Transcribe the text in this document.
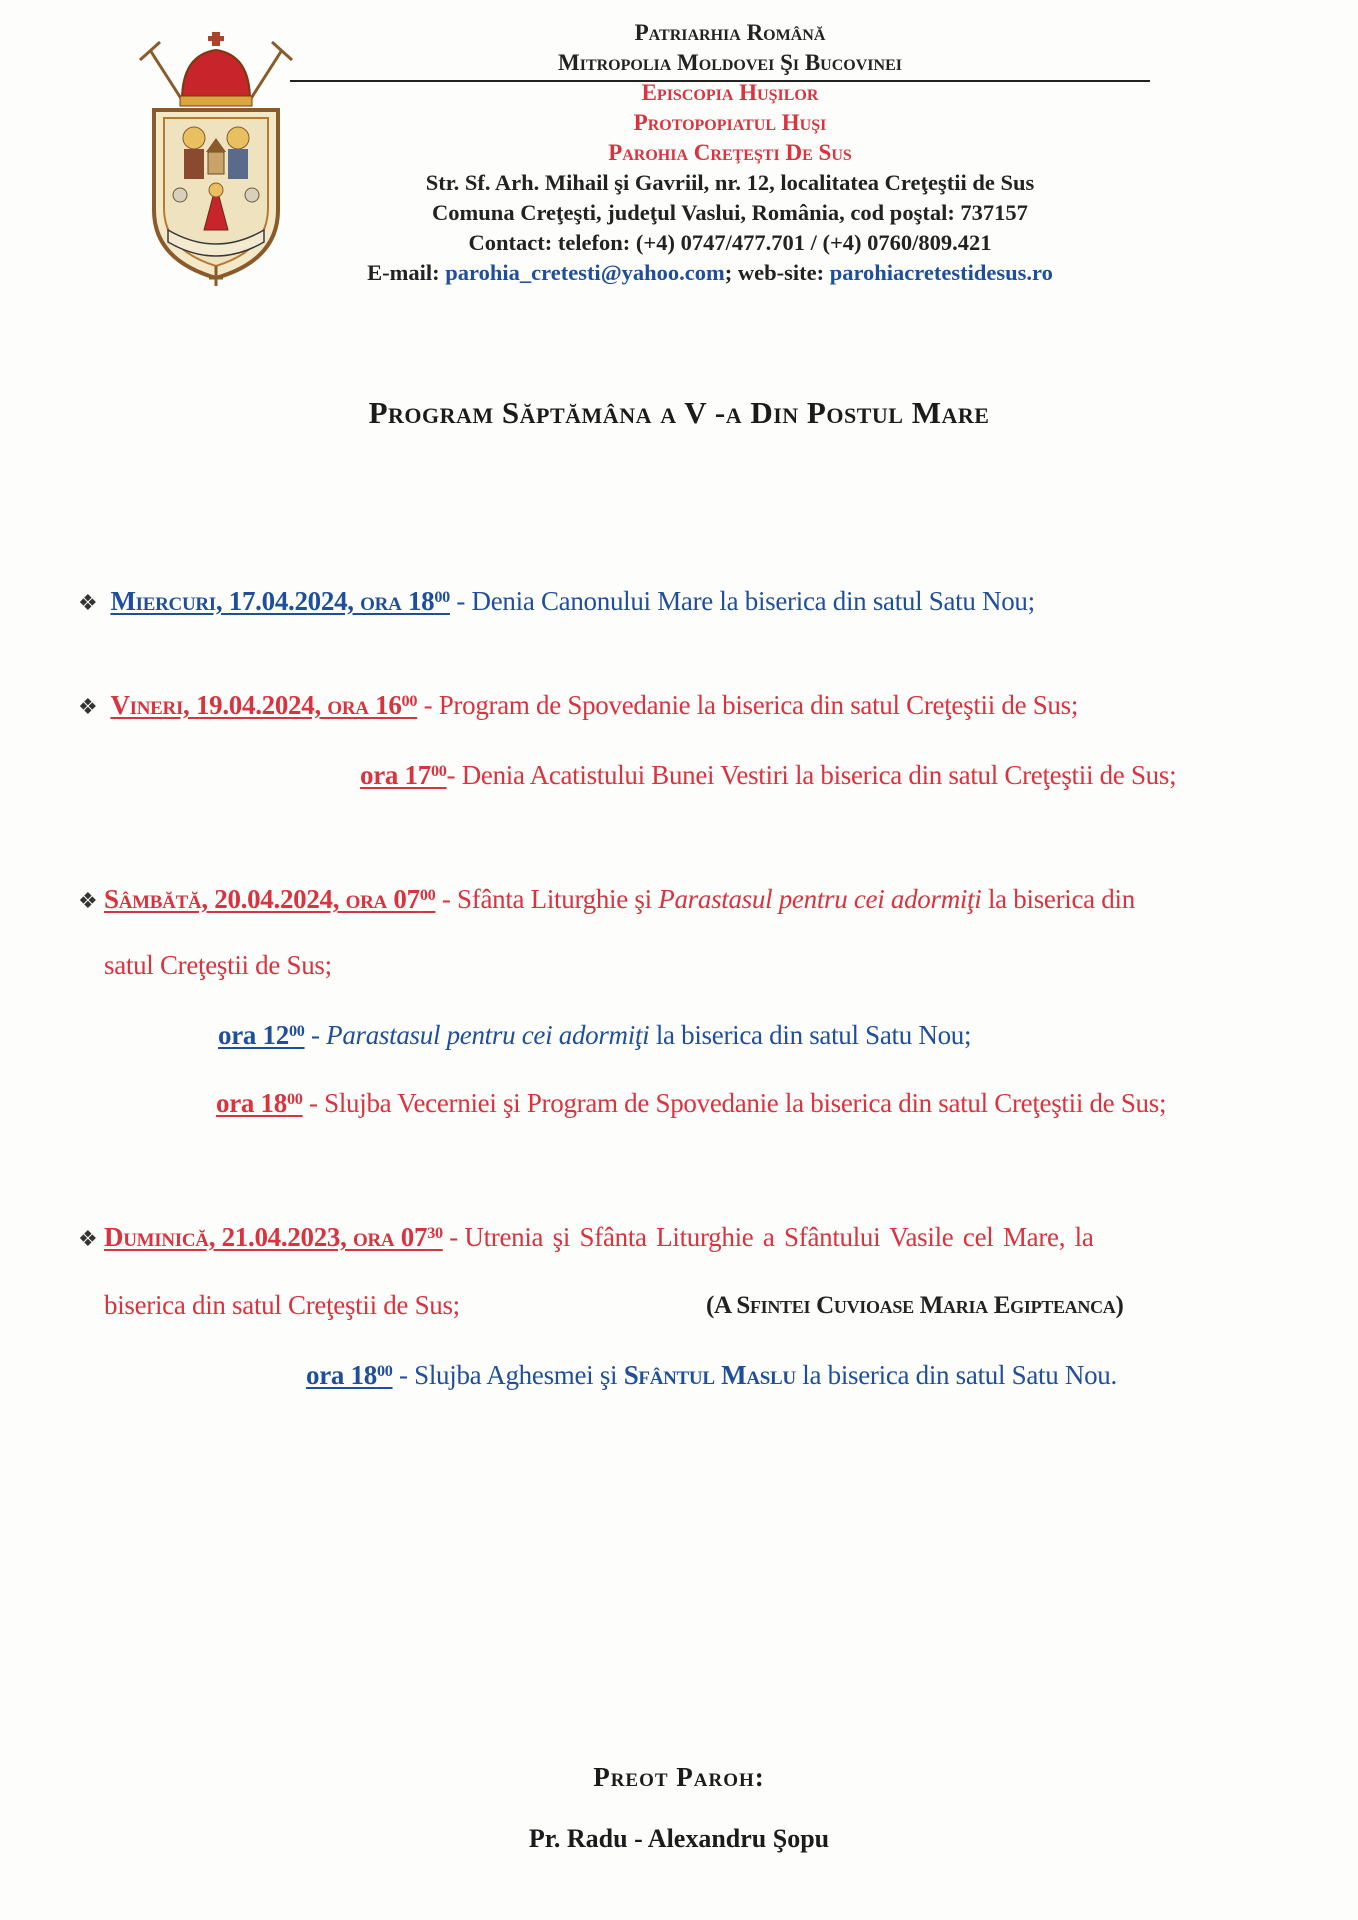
Patriarhia Română
Mitropolia Moldovei Şi Bucovinei
Episcopia Huşilor
Protopopiatul Huşi
Parohia Creţeşti De Sus
Str. Sf. Arh. Mihail şi Gavriil, nr. 12, localitatea Creţeştii de Sus
Comuna Creţeşti, judeţul Vaslui, România, cod poştal: 737157
Contact: telefon: (+4) 0747/477.701 / (+4) 0760/809.421
E-mail: parohia_cretesti@yahoo.com; web-site: parohiacretestidesus.ro
Program Săptămâna a V -a Din Postul Mare
❖ Miercuri, 17.04.2024, ora $18^{00}$ - Denia Canonului Mare la biserica din satul Satu Nou;
❖ Vineri, 19.04.2024, ora $16^{00}$ - Program de Spovedanie la biserica din satul Creţeştii de Sus;
ora $17^{00}-$ Denia Acatistului Bunei Vestiri la biserica din satul Creţeştii de Sus;
❖ Sâmbătă, 20.04.2024, ora $07^{00}$ - Sfânta Liturghie şi Parastasul pentru cei adormiţi la biserica din
satul Creţeştii de Sus;
ora $12^{00}$ - Parastasul pentru cei adormiţi la biserica din satul Satu Nou;
ora $18^{00}$ - Slujba Vecerniei şi Program de Spovedanie la biserica din satul Creţeştii de Sus;
❖ Duminică, 21.04.2023, ora $07^{30}$ - Utrenia şi Sfânta Liturghie a Sfântului Vasile cel Mare, la
biserica din satul Creţeştii de Sus;	(A Sfintei Cuvioase Maria Egipteanca)
ora $18^{00}$ - Slujba Aghesmei şi Sfântul Maslu la biserica din satul Satu Nou.
Preot Paroh:
Pr. Radu - Alexandru Şopu
